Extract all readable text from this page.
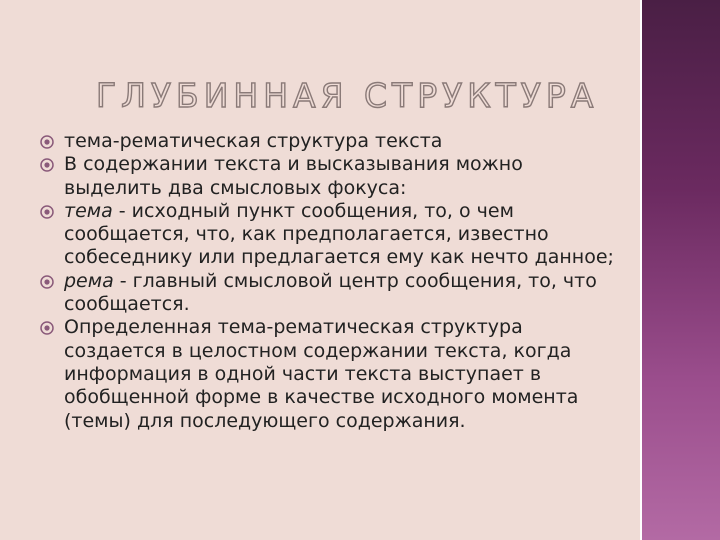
ГЛУБИННАЯ СТРУКТУРА
тема-рематическая структура текста
В содержании текста и высказывания можно выделить два смысловых фокуса:
тема - исходный пункт сообщения, то, о чем сообщается, что, как предполагается, известно собеседнику или предлагается ему как нечто данное;
рема - главный смысловой центр сообщения, то, что сообщается.
Определенная тема-рематическая структура создается в целостном содержании текста, когда информация в одной части текста выступает в обобщенной форме в качестве исходного момента (темы) для последующего содержания.
